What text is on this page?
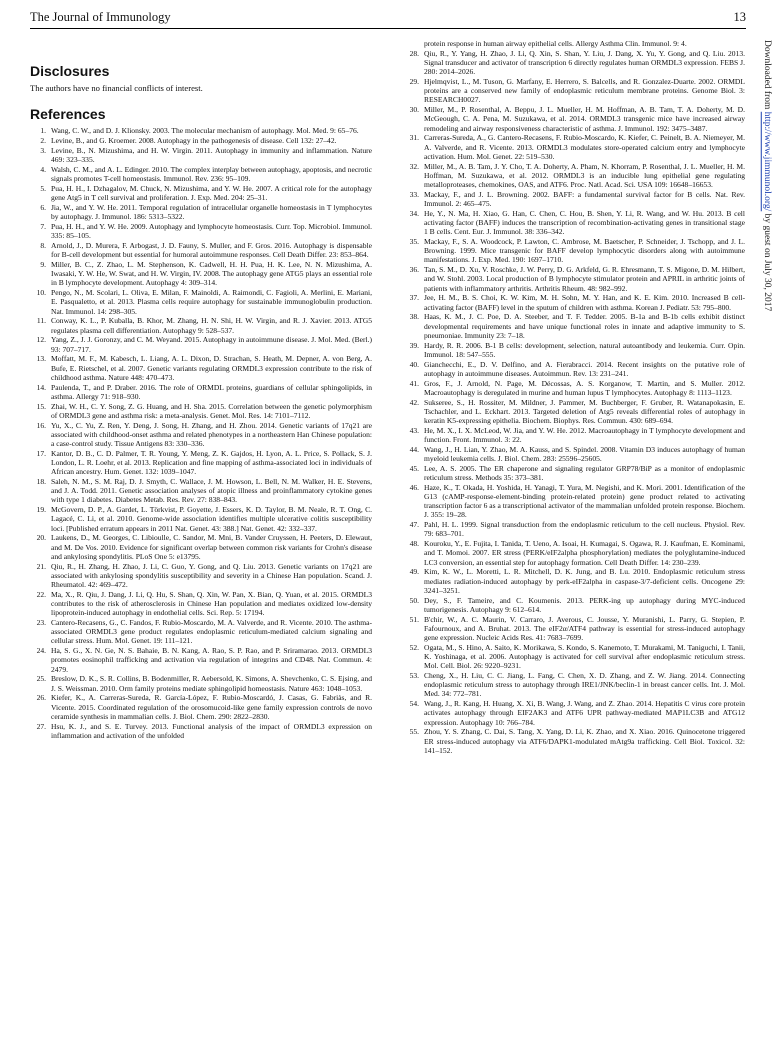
The Journal of Immunology	13
Disclosures

The authors have no financial conflicts of interest.

References
1. Wang, C. W., and D. J. Klionsky. 2003. The molecular mechanism of autophagy. Mol. Med. 9: 65–76.
2. Levine, B., and G. Kroemer. 2008. Autophagy in the pathogenesis of disease. Cell 132: 27–42.
3. Levine, B., N. Mizushima, and H. W. Virgin. 2011. Autophagy in immunity and inflammation. Nature 469: 323–335.
4. Walsh, C. M., and A. L. Edinger. 2010. The complex interplay between autophagy, apoptosis, and necrotic signals promotes T-cell homeostasis. Immunol. Rev. 236: 95–109.
5. Pua, H. H., I. Dzhagalov, M. Chuck, N. Mizushima, and Y. W. He. 2007. A critical role for the autophagy gene Atg5 in T cell survival and proliferation. J. Exp. Med. 204: 25–31.
6. Jia, W., and Y. W. He. 2011. Temporal regulation of intracellular organelle homeostasis in T lymphocytes by autophagy. J. Immunol. 186: 5313–5322.
7. Pua, H. H., and Y. W. He. 2009. Autophagy and lymphocyte homeostasis. Curr. Top. Microbiol. Immunol. 335: 85–105.
8. Arnold, J., D. Murera, F. Arbogast, J. D. Fauny, S. Muller, and F. Gros. 2016. Autophagy is dispensable for B-cell development but essential for humoral autoimmune responses. Cell Death Differ. 23: 853–864.
9. Miller, B. C., Z. Zhao, L. M. Stephenson, K. Cadwell, H. H. Pua, H. K. Lee, N. N. Mizushima, A. Iwasaki, Y. W. He, W. Swat, and H. W. Virgin, IV. 2008. The autophagy gene ATG5 plays an essential role in B lymphocyte development. Autophagy 4: 309–314.
10. Pengo, N., M. Scolari, L. Oliva, E. Milan, F. Mainoldi, A. Raimondi, C. Fagioli, A. Merlini, E. Mariani, E. Pasqualetto, et al. 2013. Plasma cells require autophagy for sustainable immunoglobulin production. Nat. Immunol. 14: 298–305.
11. Conway, K. L., P. Kuballa, B. Khor, M. Zhang, H. N. Shi, H. W. Virgin, and R. J. Xavier. 2013. ATG5 regulates plasma cell differentiation. Autophagy 9: 528–537.
12. Yang, Z., J. J. Goronzy, and C. M. Weyand. 2015. Autophagy in autoimmune disease. J. Mol. Med. (Berl.) 93: 707–717.
13. Moffatt, M. F., M. Kabesch, L. Liang, A. L. Dixon, D. Strachan, S. Heath, M. Depner, A. von Berg, A. Bufe, E. Rietschel, et al. 2007. Genetic variants regulating ORMDL3 expression contribute to the risk of childhood asthma. Nature 448: 470–473.
14. Paulenda, T., and P. Draber. 2016. The role of ORMDL proteins, guardians of cellular sphingolipids, in asthma. Allergy 71: 918–930.
15. Zhai, W. H., C. Y. Song, Z. G. Huang, and H. Sha. 2015. Correlation between the genetic polymorphism of ORMDL3 gene and asthma risk: a meta-analysis. Genet. Mol. Res. 14: 7101–7112.
16. Yu, X., C. Yu, Z. Ren, Y. Deng, J. Song, H. Zhang, and H. Zhou. 2014. Genetic variants of 17q21 are associated with childhood-onset asthma and related phenotypes in a northeastern Han Chinese population: a case-control study. Tissue Antigens 83: 330–336.
17. Kantor, D. B., C. D. Palmer, T. R. Young, Y. Meng, Z. K. Gajdos, H. Lyon, A. L. Price, S. Pollack, S. J. London, L. R. Loehr, et al. 2013. Replication and fine mapping of asthma-associated loci in individuals of African ancestry. Hum. Genet. 132: 1039–1047.
18. Saleh, N. M., S. M. Raj, D. J. Smyth, C. Wallace, J. M. Howson, L. Bell, N. M. Walker, H. E. Stevens, and J. A. Todd. 2011. Genetic association analyses of atopic illness and proinflammatory cytokine genes with type 1 diabetes. Diabetes Metab. Res. Rev. 27: 838–843.
19. McGovern, D. P., A. Gardet, L. Törkvist, P. Goyette, J. Essers, K. D. Taylor, B. M. Neale, R. T. Ong, C. Lagacé, C. Li, et al. 2010. Genome-wide association identifies multiple ulcerative colitis susceptibility loci. [Published erratum appears in 2011 Nat. Genet. 43: 388.] Nat. Genet. 42: 332–337.
20. Laukens, D., M. Georges, C. Libioulle, C. Sandor, M. Mni, B. Vander Cruyssen, H. Peeters, D. Elewaut, and M. De Vos. 2010. Evidence for significant overlap between common risk variants for Crohn's disease and ankylosing spondylitis. PLoS One 5: e13795.
21. Qiu, R., H. Zhang, H. Zhao, J. Li, C. Guo, Y. Gong, and Q. Liu. 2013. Genetic variants on 17q21 are associated with ankylosing spondylitis susceptibility and severity in a Chinese Han population. Scand. J. Rheumatol. 42: 469–472.
22. Ma, X., R. Qiu, J. Dang, J. Li, Q. Hu, S. Shan, Q. Xin, W. Pan, X. Bian, Q. Yuan, et al. 2015. ORMDL3 contributes to the risk of atherosclerosis in Chinese Han population and mediates oxidized low-density lipoprotein-induced autophagy in endothelial cells. Sci. Rep. 5: 17194.
23. Cantero-Recasens, G., C. Fandos, F. Rubio-Moscardo, M. A. Valverde, and R. Vicente. 2010. The asthma-associated ORMDL3 gene product regulates endoplasmic reticulum-mediated calcium signaling and cellular stress. Hum. Mol. Genet. 19: 111–121.
24. Ha, S. G., X. N. Ge, N. S. Bahaie, B. N. Kang, A. Rao, S. P. Rao, and P. Sriramarao. 2013. ORMDL3 promotes eosinophil trafficking and activation via regulation of integrins and CD48. Nat. Commun. 4: 2479.
25. Breslow, D. K., S. R. Collins, B. Bodenmiller, R. Aebersold, K. Simons, A. Shevchenko, C. S. Ejsing, and J. S. Weissman. 2010. Orm family proteins mediate sphingolipid homeostasis. Nature 463: 1048–1053.
26. Kiefer, K., A. Carreras-Sureda, R. García-López, F. Rubio-Moscardó, J. Casas, G. Fabriàs, and R. Vicente. 2015. Coordinated regulation of the orosomucoid-like gene family expression controls de novo ceramide synthesis in mammalian cells. J. Biol. Chem. 290: 2822–2830.
27. Hsu, K. J., and S. E. Turvey. 2013. Functional analysis of the impact of ORMDL3 expression on inflammation and activation of the unfolded
protein response in human airway epithelial cells. Allergy Asthma Clin. Immunol. 9: 4.
28. Qiu, R., Y. Yang, H. Zhao, J. Li, Q. Xin, S. Shan, Y. Liu, J. Dang, X. Yu, Y. Gong, and Q. Liu. 2013. Signal transducer and activator of transcription 6 directly regulates human ORMDL3 expression. FEBS J. 280: 2014–2026.
29. Hjelmqvist, L., M. Tuson, G. Marfany, E. Herrero, S. Balcells, and R. Gonzalez-Duarte. 2002. ORMDL proteins are a conserved new family of endoplasmic reticulum membrane proteins. Genome Biol. 3: RESEARCH0027.
30. Miller, M., P. Rosenthal, A. Beppu, J. L. Mueller, H. M. Hoffman, A. B. Tam, T. A. Doherty, M. D. McGeough, C. A. Pena, M. Suzukawa, et al. 2014. ORMDL3 transgenic mice have increased airway remodeling and airway responsiveness characteristic of asthma. J. Immunol. 192: 3475–3487.
31. Carreras-Sureda, A., G. Cantero-Recasens, F. Rubio-Moscardo, K. Kiefer, C. Peinelt, B. A. Niemeyer, M. A. Valverde, and R. Vicente. 2013. ORMDL3 modulates store-operated calcium entry and lymphocyte activation. Hum. Mol. Genet. 22: 519–530.
32. Miller, M., A. B. Tam, J. Y. Cho, T. A. Doherty, A. Pham, N. Khorram, P. Rosenthal, J. L. Mueller, H. M. Hoffman, M. Suzukawa, et al. 2012. ORMDL3 is an inducible lung epithelial gene regulating metalloproteases, chemokines, OAS, and ATF6. Proc. Natl. Acad. Sci. USA 109: 16648–16653.
33. Mackay, F., and J. L. Browning. 2002. BAFF: a fundamental survival factor for B cells. Nat. Rev. Immunol. 2: 465–475.
34. He, Y., N. Ma, H. Xiao, G. Han, C. Chen, C. Hou, B. Shen, Y. Li, R. Wang, and W. Hu. 2013. B cell activating factor (BAFF) induces the transcription of recombination-activating genes in transitional stage 1 B cells. Cent. Eur. J. Immunol. 38: 336–342.
35. Mackay, F., S. A. Woodcock, P. Lawton, C. Ambrose, M. Baetscher, P. Schneider, J. Tschopp, and J. L. Browning. 1999. Mice transgenic for BAFF develop lymphocytic disorders along with autoimmune manifestations. J. Exp. Med. 190: 1697–1710.
36. Tan, S. M., D. Xu, V. Roschke, J. W. Perry, D. G. Arkfeld, G. R. Ehresmann, T. S. Migone, D. M. Hilbert, and W. Stohl. 2003. Local production of B lymphocyte stimulator protein and APRIL in arthritic joints of patients with inflammatory arthritis. Arthritis Rheum. 48: 982–992.
37. Jee, H. M., B. S. Choi, K. W. Kim, M. H. Sohn, M. Y. Han, and K. E. Kim. 2010. Increased B cell-activating factor (BAFF) level in the sputum of children with asthma. Korean J. Pediatr. 53: 795–800.
38. Haas, K. M., J. C. Poe, D. A. Steeber, and T. F. Tedder. 2005. B-1a and B-1b cells exhibit distinct developmental requirements and have unique functional roles in innate and adaptive immunity to S. pneumoniae. Immunity 23: 7–18.
39. Hardy, R. R. 2006. B-1 B cells: development, selection, natural autoantibody and leukemia. Curr. Opin. Immunol. 18: 547–555.
40. Gianchecchi, E., D. V. Delfino, and A. Fierabracci. 2014. Recent insights on the putative role of autophagy in autoimmune diseases. Autoimmun. Rev. 13: 231–241.
41. Gros, F., J. Arnold, N. Page, M. Décossas, A. S. Korganow, T. Martin, and S. Muller. 2012. Macroautophagy is deregulated in murine and human lupus T lymphocytes. Autophagy 8: 1113–1123.
42. Sukseree, S., H. Rossiter, M. Mildner, J. Pammer, M. Buchberger, F. Gruber, R. Watanapokasin, E. Tschachler, and L. Eckhart. 2013. Targeted deletion of Atg5 reveals differential roles of autophagy in keratin K5-expressing epithelia. Biochem. Biophys. Res. Commun. 430: 689–694.
43. He, M. X., I. X. McLeod, W. Jia, and Y. W. He. 2012. Macroautophagy in T lymphocyte development and function. Front. Immunol. 3: 22.
44. Wang, J., H. Lian, Y. Zhao, M. A. Kauss, and S. Spindel. 2008. Vitamin D3 induces autophagy of human myeloid leukemia cells. J. Biol. Chem. 283: 25596–25605.
45. Lee, A. S. 2005. The ER chaperone and signaling regulator GRP78/BiP as a monitor of endoplasmic reticulum stress. Methods 35: 373–381.
46. Haze, K., T. Okada, H. Yoshida, H. Yanagi, T. Yura, M. Negishi, and K. Mori. 2001. Identification of the G13 (cAMP-response-element-binding protein-related protein) gene product related to activating transcription factor 6 as a transcriptional activator of the mammalian unfolded protein response. Biochem. J. 355: 19–28.
47. Pahl, H. L. 1999. Signal transduction from the endoplasmic reticulum to the cell nucleus. Physiol. Rev. 79: 683–701.
48. Kouroku, Y., E. Fujita, I. Tanida, T. Ueno, A. Isoai, H. Kumagai, S. Ogawa, R. J. Kaufman, E. Kominami, and T. Momoi. 2007. ER stress (PERK/eIF2alpha phosphorylation) mediates the polyglutamine-induced LC3 conversion, an essential step for autophagy formation. Cell Death Differ. 14: 230–239.
49. Kim, K. W., L. Moretti, L. R. Mitchell, D. K. Jung, and B. Lu. 2010. Endoplasmic reticulum stress mediates radiation-induced autophagy by perk-eIF2alpha in caspase-3/7-deficient cells. Oncogene 29: 3241–3251.
50. Dey, S., F. Tameire, and C. Koumenis. 2013. PERK-ing up autophagy during MYC-induced tumorigenesis. Autophagy 9: 612–614.
51. B'chir, W., A. C. Maurin, V. Carraro, J. Averous, C. Jousse, Y. Muranishi, L. Parry, G. Stepien, P. Fafournoux, and A. Bruhat. 2013. The eIF2α/ATF4 pathway is essential for stress-induced autophagy gene expression. Nucleic Acids Res. 41: 7683–7699.
52. Ogata, M., S. Hino, A. Saito, K. Morikawa, S. Kondo, S. Kanemoto, T. Murakami, M. Taniguchi, I. Tanii, K. Yoshinaga, et al. 2006. Autophagy is activated for cell survival after endoplasmic reticulum stress. Mol. Cell. Biol. 26: 9220–9231.
53. Cheng, X., H. Liu, C. C. Jiang, L. Fang, C. Chen, X. D. Zhang, and Z. W. Jiang. 2014. Connecting endoplasmic reticulum stress to autophagy through IRE1/JNK/beclin-1 in breast cancer cells. Int. J. Mol. Med. 34: 772–781.
54. Wang, J., R. Kang, H. Huang, X. Xi, B. Wang, J. Wang, and Z. Zhao. 2014. Hepatitis C virus core protein activates autophagy through EIF2AK3 and ATF6 UPR pathway-mediated MAP1LC3B and ATG12 expression. Autophagy 10: 766–784.
55. Zhou, Y. S. Zhang, C. Dai, S. Tang, X. Yang, D. Li, K. Zhao, and X. Xiao. 2016. Quinocetone triggered ER stress-induced autophagy via ATF6/DAPK1-modulated mAtg9a trafficking. Cell Biol. Toxicol. 32: 141–152.
Downloaded from http://www.jimmunol.org/ by guest on July 30, 2017
